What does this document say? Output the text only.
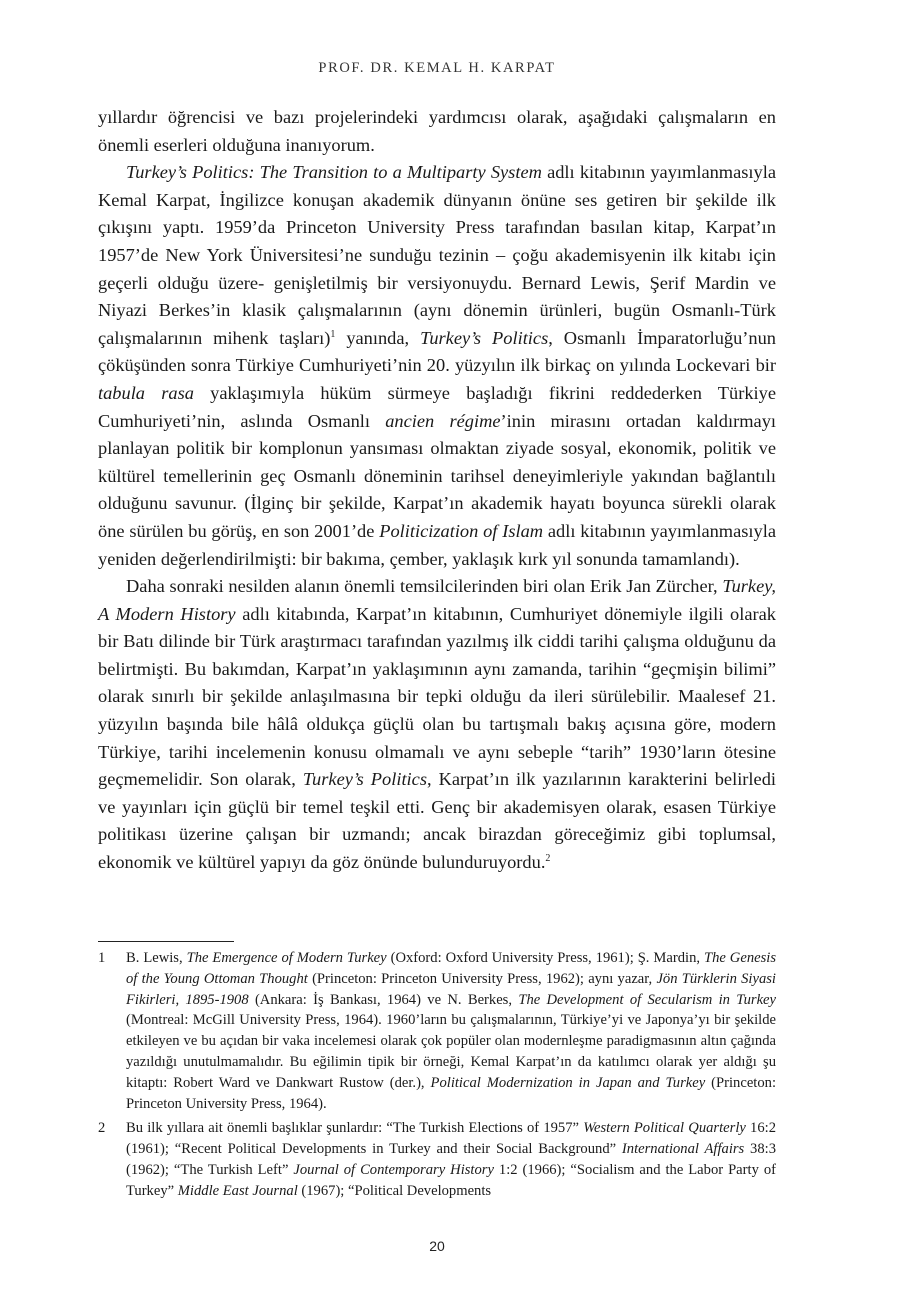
PROF. DR. KEMAL H. KARPAT

yıllardır öğrencisi ve bazı projelerindeki yardımcısı olarak, aşağıdaki çalışmaların en önemli eserleri olduğuna inanıyorum.

Turkey’s Politics: The Transition to a Multiparty System adlı kitabının yayımlanmasıyla Kemal Karpat, İngilizce konuşan akademik dünyanın önüne ses getiren bir şekilde ilk çıkışını yaptı. 1959’da Princeton University Press tarafından basılan kitap, Karpat’ın 1957’de New York Üniversitesi’ne sunduğu tezinin – çoğu akademisyenin ilk kitabı için geçerli olduğu üzere- genişletilmiş bir versiyonuydu. Bernard Lewis, Şerif Mardin ve Niyazi Berkes’in klasik çalışmalarının (aynı dönemin ürünleri, bugün Osmanlı-Türk çalışmalarının mihenk taşları)$^1$ yanında, Turkey’s Politics, Osmanlı İmparatorluğu’nun çöküşünden sonra Türkiye Cumhuriyeti’nin 20. yüzyılın ilk birkaç on yılında Lockevari bir tabula rasa yaklaşımıyla hüküm sürmeye başladığı fikrini reddederken Türkiye Cumhuriyeti’nin, aslında Osmanlı ancien régime’inin mirasını ortadan kaldırmayı planlayan politik bir komplonun yansıması olmaktan ziyade sosyal, ekonomik, politik ve kültürel temellerinin geç Osmanlı döneminin tarihsel deneyimleriyle yakından bağlantılı olduğunu savunur. (İlginç bir şekilde, Karpat’ın akademik hayatı boyunca sürekli olarak öne sürülen bu görüş, en son 2001’de Politicization of Islam adlı kitabının yayımlanmasıyla yeniden değerlendirilmişti: bir bakıma, çember, yaklaşık kırk yıl sonunda tamamlandı).

Daha sonraki nesilden alanın önemli temsilcilerinden biri olan Erik Jan Zürcher, Turkey, A Modern History adlı kitabında, Karpat’ın kitabının, Cumhuriyet dönemiyle ilgili olarak bir Batı dilinde bir Türk araştırmacı tarafından yazılmış ilk ciddi tarihi çalışma olduğunu da belirtmişti. Bu bakımdan, Karpat’ın yaklaşımının aynı zamanda, tarihin “geçmişin bilimi” olarak sınırlı bir şekilde anlaşılmasına bir tepki olduğu da ileri sürülebilir. Maalesef 21. yüzyılın başında bile hâlâ oldukça güçlü olan bu tartışmalı bakış açısına göre, modern Türkiye, tarihi incelemenin konusu olmamalı ve aynı sebeple “tarih” 1930’ların ötesine geçmemelidir. Son olarak, Turkey’s Politics, Karpat’ın ilk yazılarının karakterini belirledi ve yayınları için güçlü bir temel teşkil etti. Genç bir akademisyen olarak, esasen Türkiye politikası üzerine çalışan bir uzmandı; ancak birazdan göreceğimiz gibi toplumsal, ekonomik ve kültürel yapıyı da göz önünde bulunduruyordu.$^2$

1	B. Lewis, The Emergence of Modern Turkey (Oxford: Oxford University Press, 1961); Ş. Mardin, The Genesis of the Young Ottoman Thought (Princeton: Princeton University Press, 1962); aynı yazar, Jön Türklerin Siyasi Fikirleri, 1895-1908 (Ankara: İş Bankası, 1964) ve N. Berkes, The Development of Secularism in Turkey (Montreal: McGill University Press, 1964). 1960’ların bu çalışmalarının, Türkiye’yi ve Japonya’yı bir şekilde etkileyen ve bu açıdan bir vaka incelemesi olarak çok popüler olan modernleşme paradigmasının altın çağında yazıldığı unutulmamalıdır. Bu eğilimin tipik bir örneği, Kemal Karpat’ın da katılımcı olarak yer aldığı şu kitaptı: Robert Ward ve Dankwart Rustow (der.), Political Modernization in Japan and Turkey (Princeton: Princeton University Press, 1964).
2	Bu ilk yıllara ait önemli başlıklar şunlardır: “The Turkish Elections of 1957” Western Political Quarterly 16:2 (1961); “Recent Political Developments in Turkey and their Social Background” International Affairs 38:3 (1962); “The Turkish Left” Journal of Contemporary History 1:2 (1966); “Socialism and the Labor Party of Turkey” Middle East Journal (1967); “Political Developments
20
